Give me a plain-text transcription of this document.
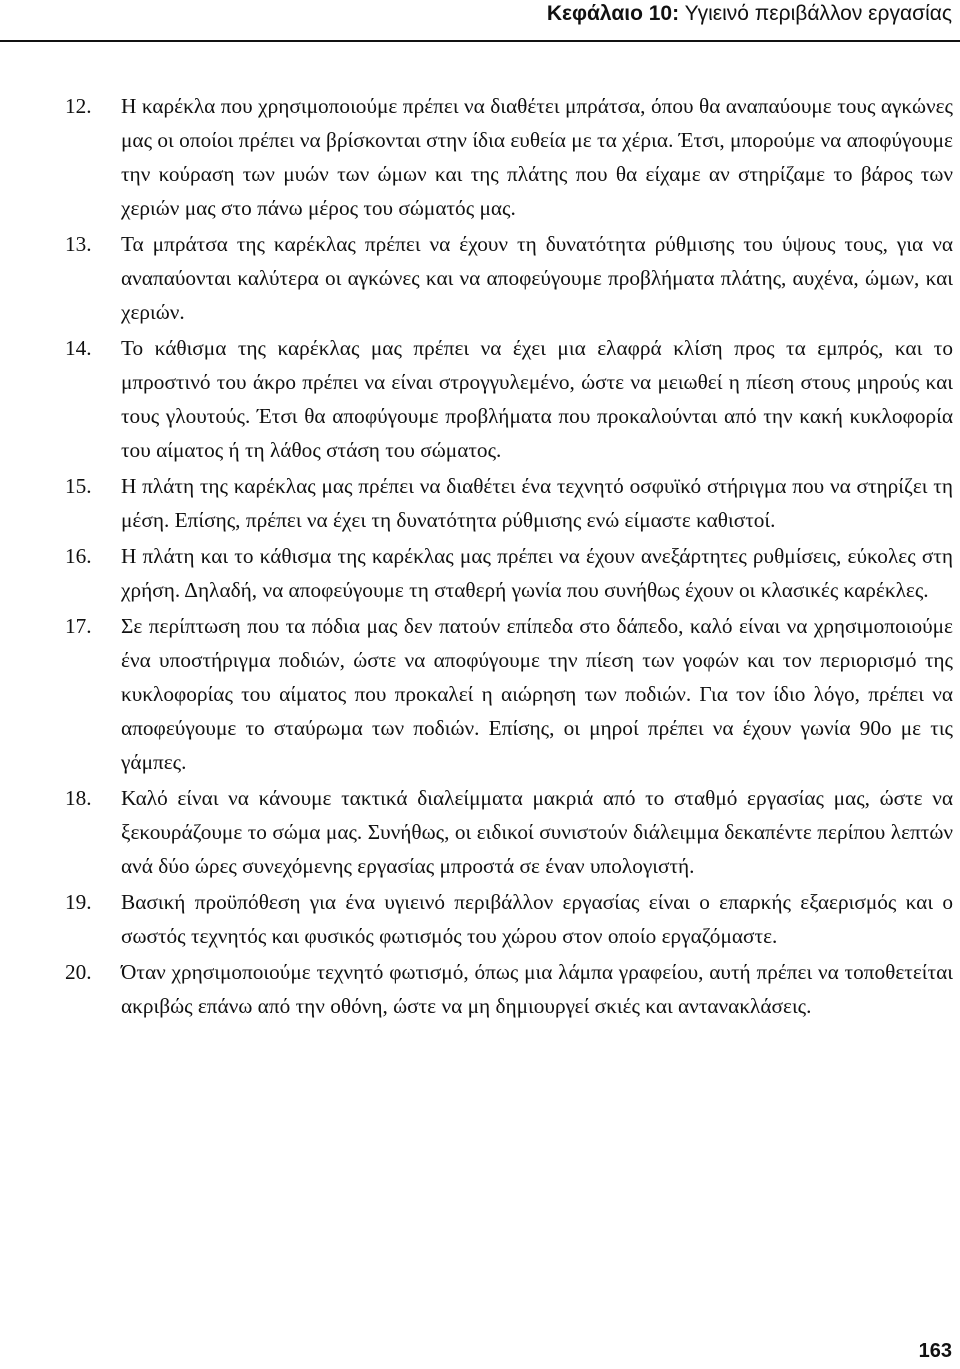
Κεφάλαιο 10: Υγιεινό περιβάλλον εργασίας
12.	Η καρέκλα που χρησιμοποιούμε πρέπει να διαθέτει μπράτσα, όπου θα αναπαύουμε τους αγκώνες μας οι οποίοι πρέπει να βρίσκονται στην ίδια ευθεία με τα χέρια. Έτσι, μπορούμε να αποφύγουμε την κούραση των μυών των ώμων και της πλάτης που θα είχαμε αν στηρίζαμε το βάρος των χεριών μας στο πάνω μέρος του σώματός μας.
13.	Τα μπράτσα της καρέκλας πρέπει να έχουν τη δυνατότητα ρύθμισης του ύψους τους, για να αναπαύονται καλύτερα οι αγκώνες και να αποφεύγουμε προβλήματα πλάτης, αυχένα, ώμων, και χεριών.
14.	Το κάθισμα της καρέκλας μας πρέπει να έχει μια ελαφρά κλίση προς τα εμπρός, και το μπροστινό του άκρο πρέπει να είναι στρογγυλεμένο, ώστε να μειωθεί η πίεση στους μηρούς και τους γλουτούς. Έτσι θα αποφύγουμε προβλήματα που προκαλούνται από την κακή κυκλοφορία του αίματος ή τη λάθος στάση του σώματος.
15.	Η πλάτη της καρέκλας μας πρέπει να διαθέτει ένα τεχνητό οσφυϊκό στήριγμα που να στηρίζει τη μέση. Επίσης, πρέπει να έχει τη δυνατότητα ρύθμισης ενώ είμαστε καθιστοί.
16.	Η πλάτη και το κάθισμα της καρέκλας μας πρέπει να έχουν ανεξάρτητες ρυθμίσεις, εύκολες στη χρήση. Δηλαδή, να αποφεύγουμε τη σταθερή γωνία που συνήθως έχουν οι κλασικές καρέκλες.
17.	Σε περίπτωση που τα πόδια μας δεν πατούν επίπεδα στο δάπεδο, καλό είναι να χρησιμοποιούμε ένα υποστήριγμα ποδιών, ώστε να αποφύγουμε την πίεση των γοφών και τον περιορισμό της κυκλοφορίας του αίματος που προκαλεί η αιώρηση των ποδιών. Για τον ίδιο λόγο, πρέπει να αποφεύγουμε το σταύρωμα των ποδιών. Επίσης, οι μηροί πρέπει να έχουν γωνία 90ο με τις γάμπες.
18.	Καλό είναι να κάνουμε τακτικά διαλείμματα μακριά από το σταθμό εργασίας μας, ώστε να ξεκουράζουμε το σώμα μας. Συνήθως, οι ειδικοί συνιστούν διάλειμμα δεκαπέντε περίπου λεπτών ανά δύο ώρες συνεχόμενης εργασίας μπροστά σε έναν υπολογιστή.
19.	Βασική προϋπόθεση για ένα υγιεινό περιβάλλον εργασίας είναι ο επαρκής εξαερισμός και ο σωστός τεχνητός και φυσικός φωτισμός του χώρου στον οποίο εργαζόμαστε.
20.	Όταν χρησιμοποιούμε τεχνητό φωτισμό, όπως μια λάμπα γραφείου, αυτή πρέπει να τοποθετείται ακριβώς επάνω από την οθόνη, ώστε να μη δημιουργεί σκιές και αντανακλάσεις.
163
